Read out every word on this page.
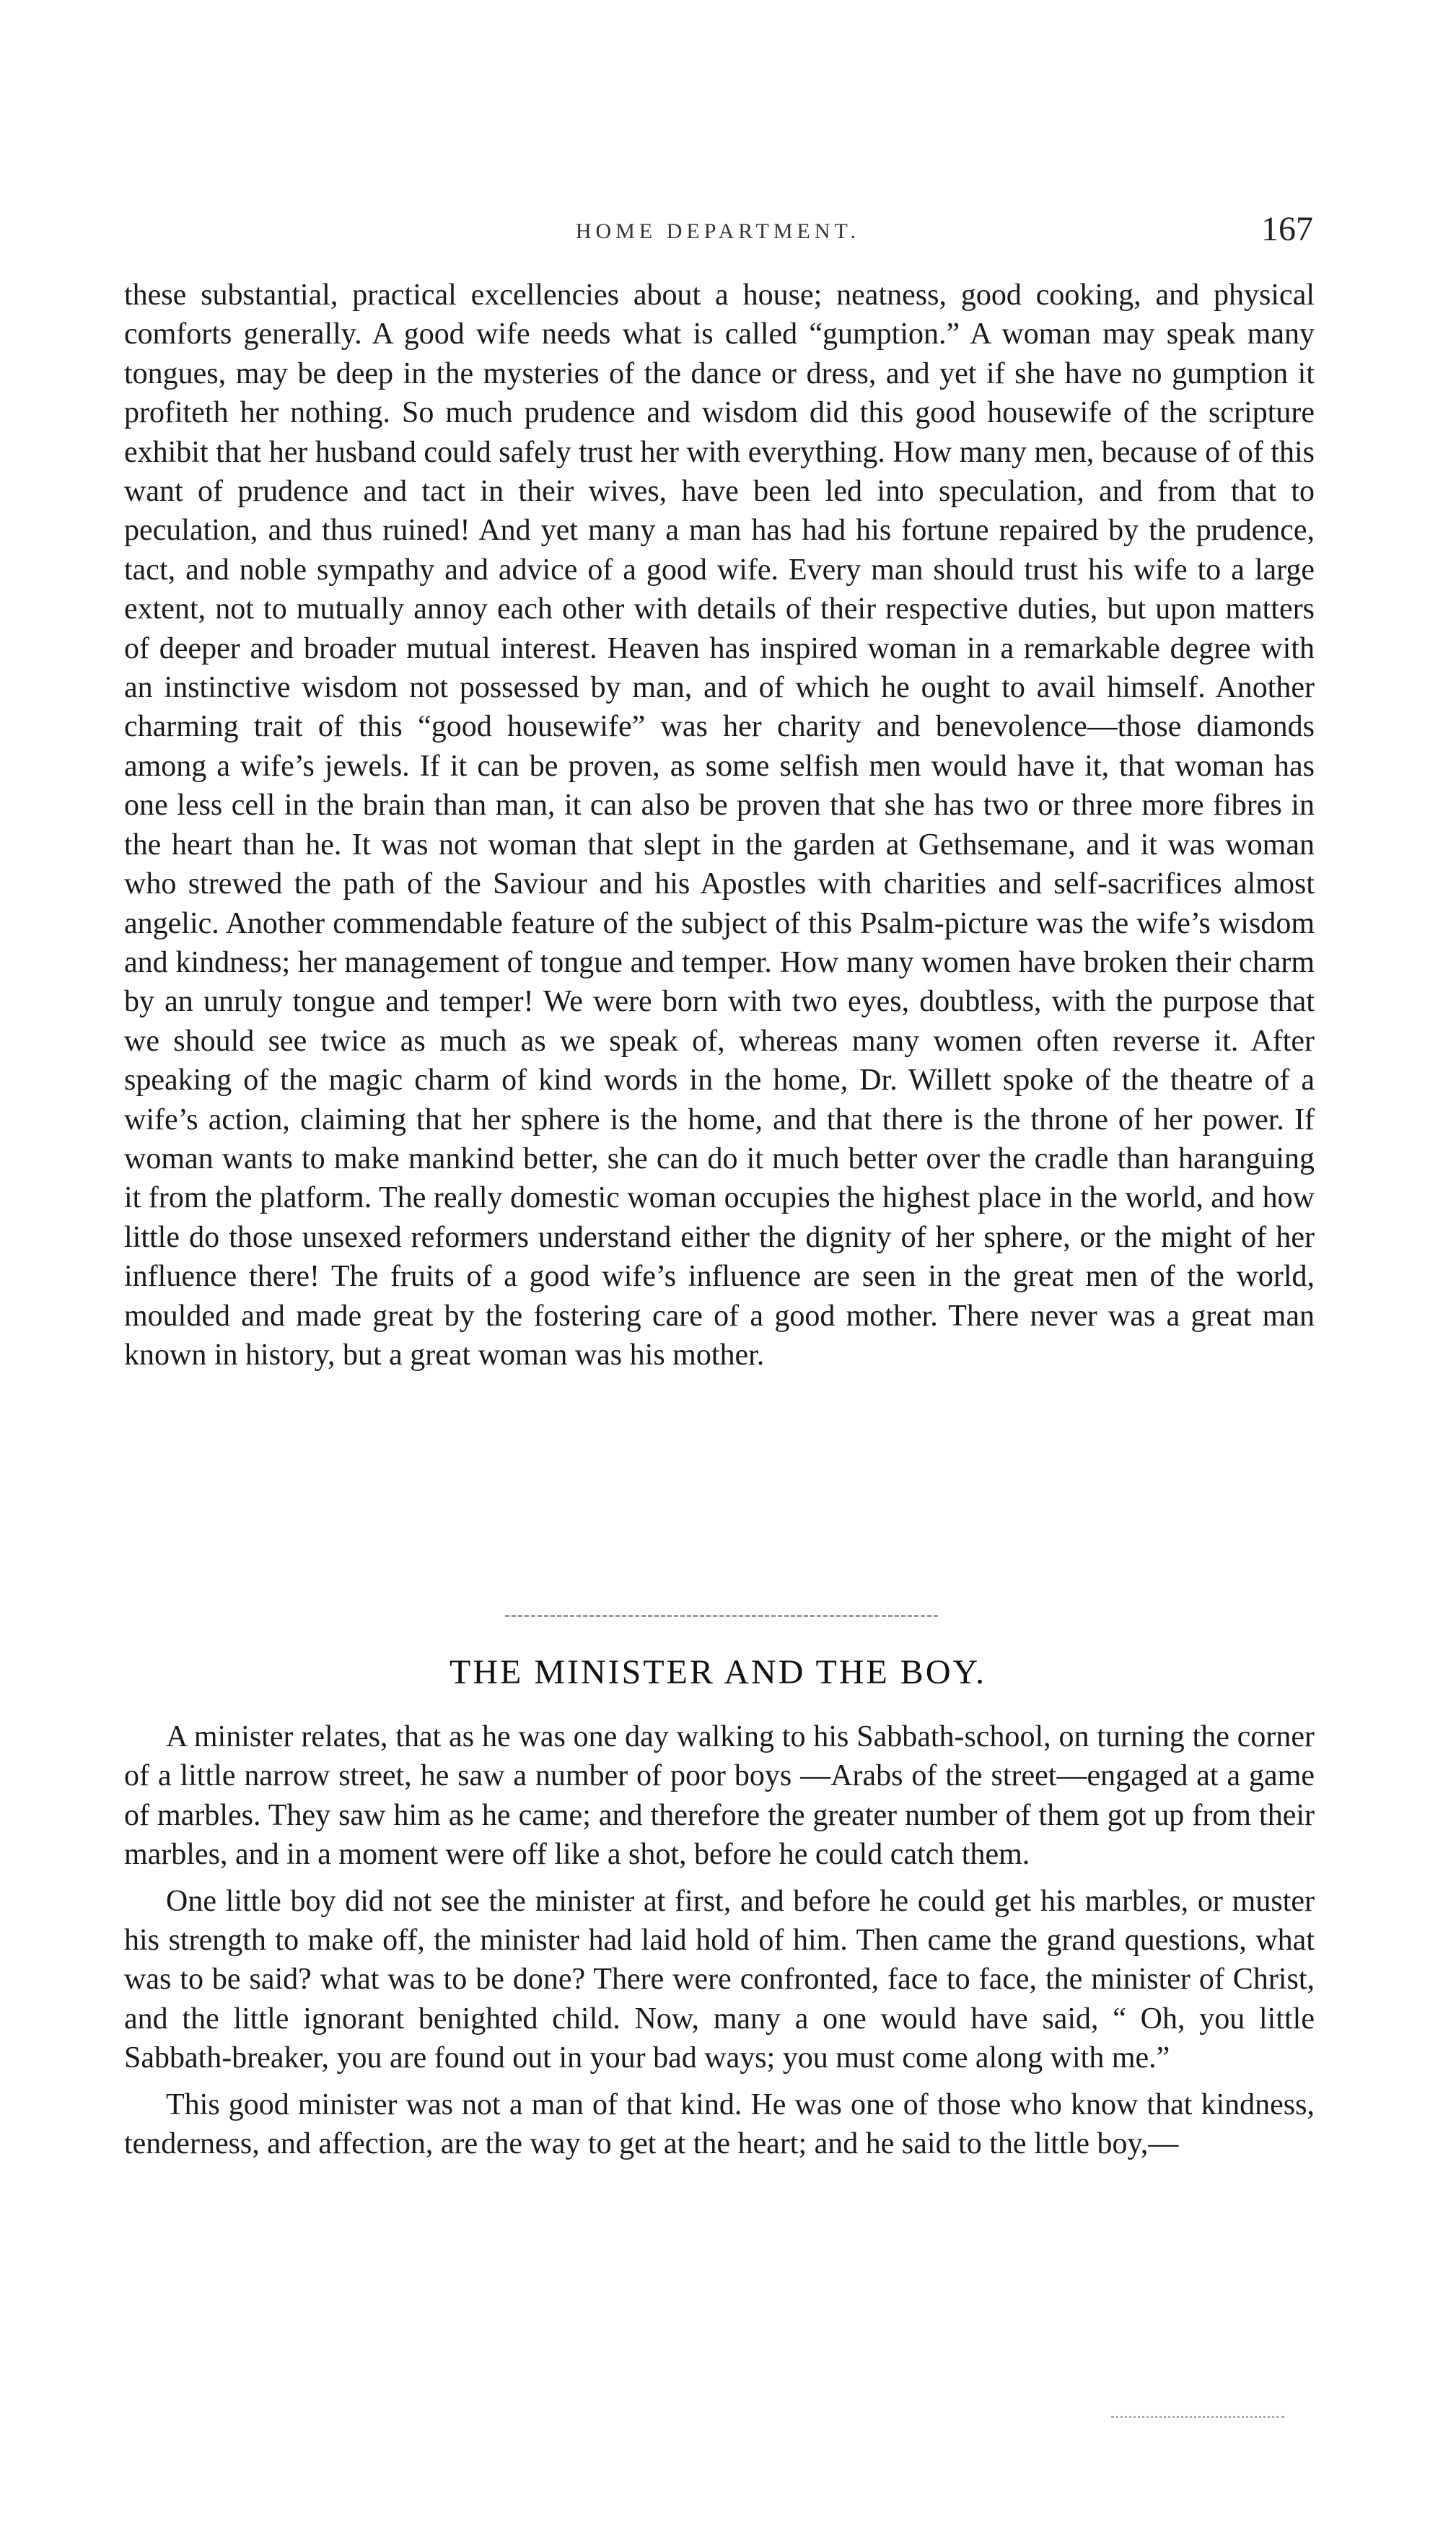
HOME DEPARTMENT.	167

these substantial, practical excellencies about a house; neatness, good cooking, and physical comforts generally. A good wife needs what is called “gumption.” A woman may speak many tongues, may be deep in the mysteries of the dance or dress, and yet if she have no gumption it profiteth her nothing. So much prudence and wisdom did this good housewife of the scripture exhibit that her husband could safely trust her with everything. How many men, because of of this want of prudence and tact in their wives, have been led into speculation, and from that to peculation, and thus ruined! And yet many a man has had his fortune repaired by the prudence, tact, and noble sympathy and advice of a good wife. Every man should trust his wife to a large extent, not to mutually annoy each other with details of their respective duties, but upon matters of deeper and broader mutual interest. Heaven has inspired woman in a remarkable degree with an instinctive wisdom not possessed by man, and of which he ought to avail himself. Another charming trait of this “good housewife” was her charity and benevolence—those diamonds among a wife’s jewels. If it can be proven, as some selfish men would have it, that woman has one less cell in the brain than man, it can also be proven that she has two or three more fibres in the heart than he. It was not woman that slept in the garden at Gethsemane, and it was woman who strewed the path of the Saviour and his Apostles with charities and self-sacrifices almost angelic. Another commendable feature of the subject of this Psalm-picture was the wife’s wisdom and kindness; her management of tongue and temper. How many women have broken their charm by an unruly tongue and temper! We were born with two eyes, doubtless, with the purpose that we should see twice as much as we speak of, whereas many women often reverse it. After speaking of the magic charm of kind words in the home, Dr. Willett spoke of the theatre of a wife’s action, claiming that her sphere is the home, and that there is the throne of her power. If woman wants to make mankind better, she can do it much better over the cradle than haranguing it from the platform. The really domestic woman occupies the highest place in the world, and how little do those unsexed reformers understand either the dignity of her sphere, or the might of her influence there! The fruits of a good wife’s influence are seen in the great men of the world, moulded and made great by the fostering care of a good mother. There never was a great man known in history, but a great woman was his mother.

THE MINISTER AND THE BOY.

A minister relates, that as he was one day walking to his Sabbath-school, on turning the corner of a little narrow street, he saw a number of poor boys —Arabs of the street—engaged at a game of marbles. They saw him as he came; and therefore the greater number of them got up from their marbles, and in a moment were off like a shot, before he could catch them.

One little boy did not see the minister at first, and before he could get his marbles, or muster his strength to make off, the minister had laid hold of him. Then came the grand questions, what was to be said? what was to be done? There were confronted, face to face, the minister of Christ, and the little ignorant benighted child. Now, many a one would have said, “ Oh, you little Sabbath-breaker, you are found out in your bad ways; you must come along with me.”

This good minister was not a man of that kind. He was one of those who know that kindness, tenderness, and affection, are the way to get at the heart; and he said to the little boy,—
